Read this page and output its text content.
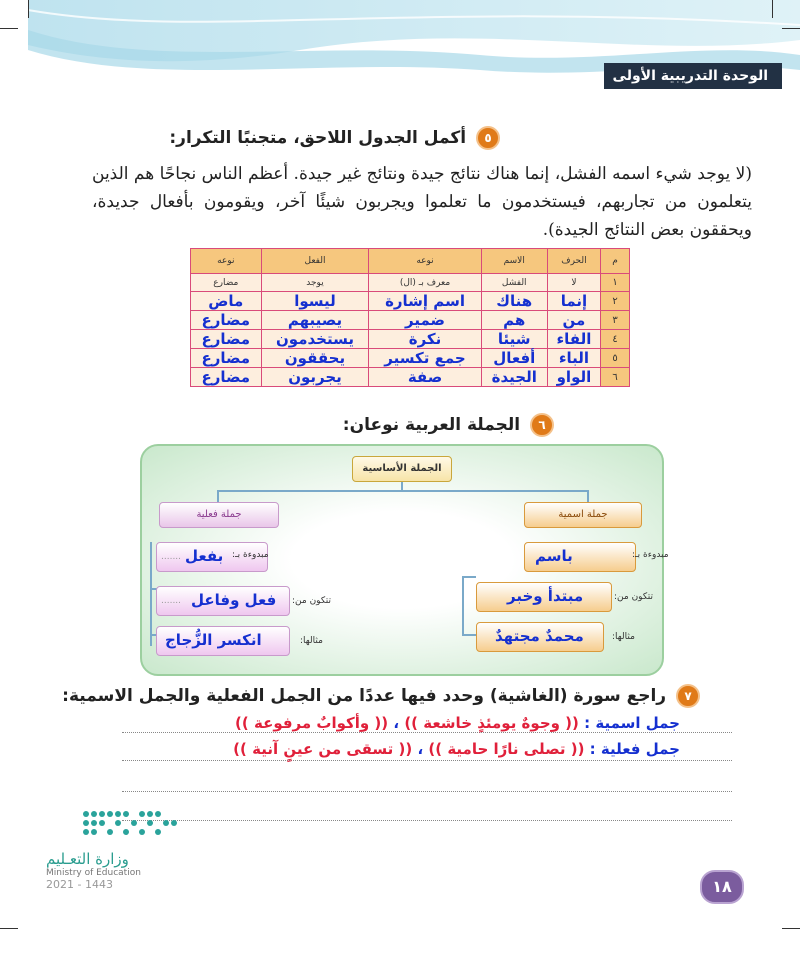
الوحدة التدريبية الأولى
٥ أكمل الجدول اللاحق، متجنبًا التكرار:
(لا يوجد شيء اسمه الفشل، إنما هناك نتائج جيدة ونتائج غير جيدة. أعظم الناس نجاحًا هم الذين يتعلمون من تجاربهم، فيستخدمون ما تعلموا ويجربون شيئًا آخر، ويقومون بأفعال جديدة، ويحققون بعض النتائج الجيدة).
م	الحرف	الاسم	نوعه	الفعل	نوعه
١	لا	الفشل	معرف بـ (ال)	يوجد	مضارع
٢	إنما	هناك	اسم إشارة	ليسوا	ماض
٣	من	هم	ضمير	يصيبهم	مضارع
٤	الفاء	شيئا	نكرة	يستخدمون	مضارع
٥	الباء	أفعال	جمع تكسير	يحققون	مضارع
٦	الواو	الجيدة	صفة	يجربون	مضارع
٦ الجملة العربية نوعان:
الجملة الأساسية
جملة فعلية	جملة اسمية
بفعل
.......	مبدوءة بـ:
فعل وفاعل
.......	تتكون من:
انكسر الزُّجاج	مثالها:
باسم	مبدوءة بـ:
مبتدأ وخبر	تتكون من:
محمدٌ مجتهدٌ	مثالها:
٧ راجع سورة (الغاشية) وحدد فيها عددًا من الجمل الفعلية والجمل الاسمية:
جمل اسمية : (( وجوهٌ يومئذٍ خاشعة )) ، (( وأكوابٌ مرفوعة ))
جمل فعلية : (( تصلى نارًا حامية )) ، (( تسقى من عينٍ آنية ))
وزارة التعـليم
Ministry of Education
2021 - 1443	١٨
